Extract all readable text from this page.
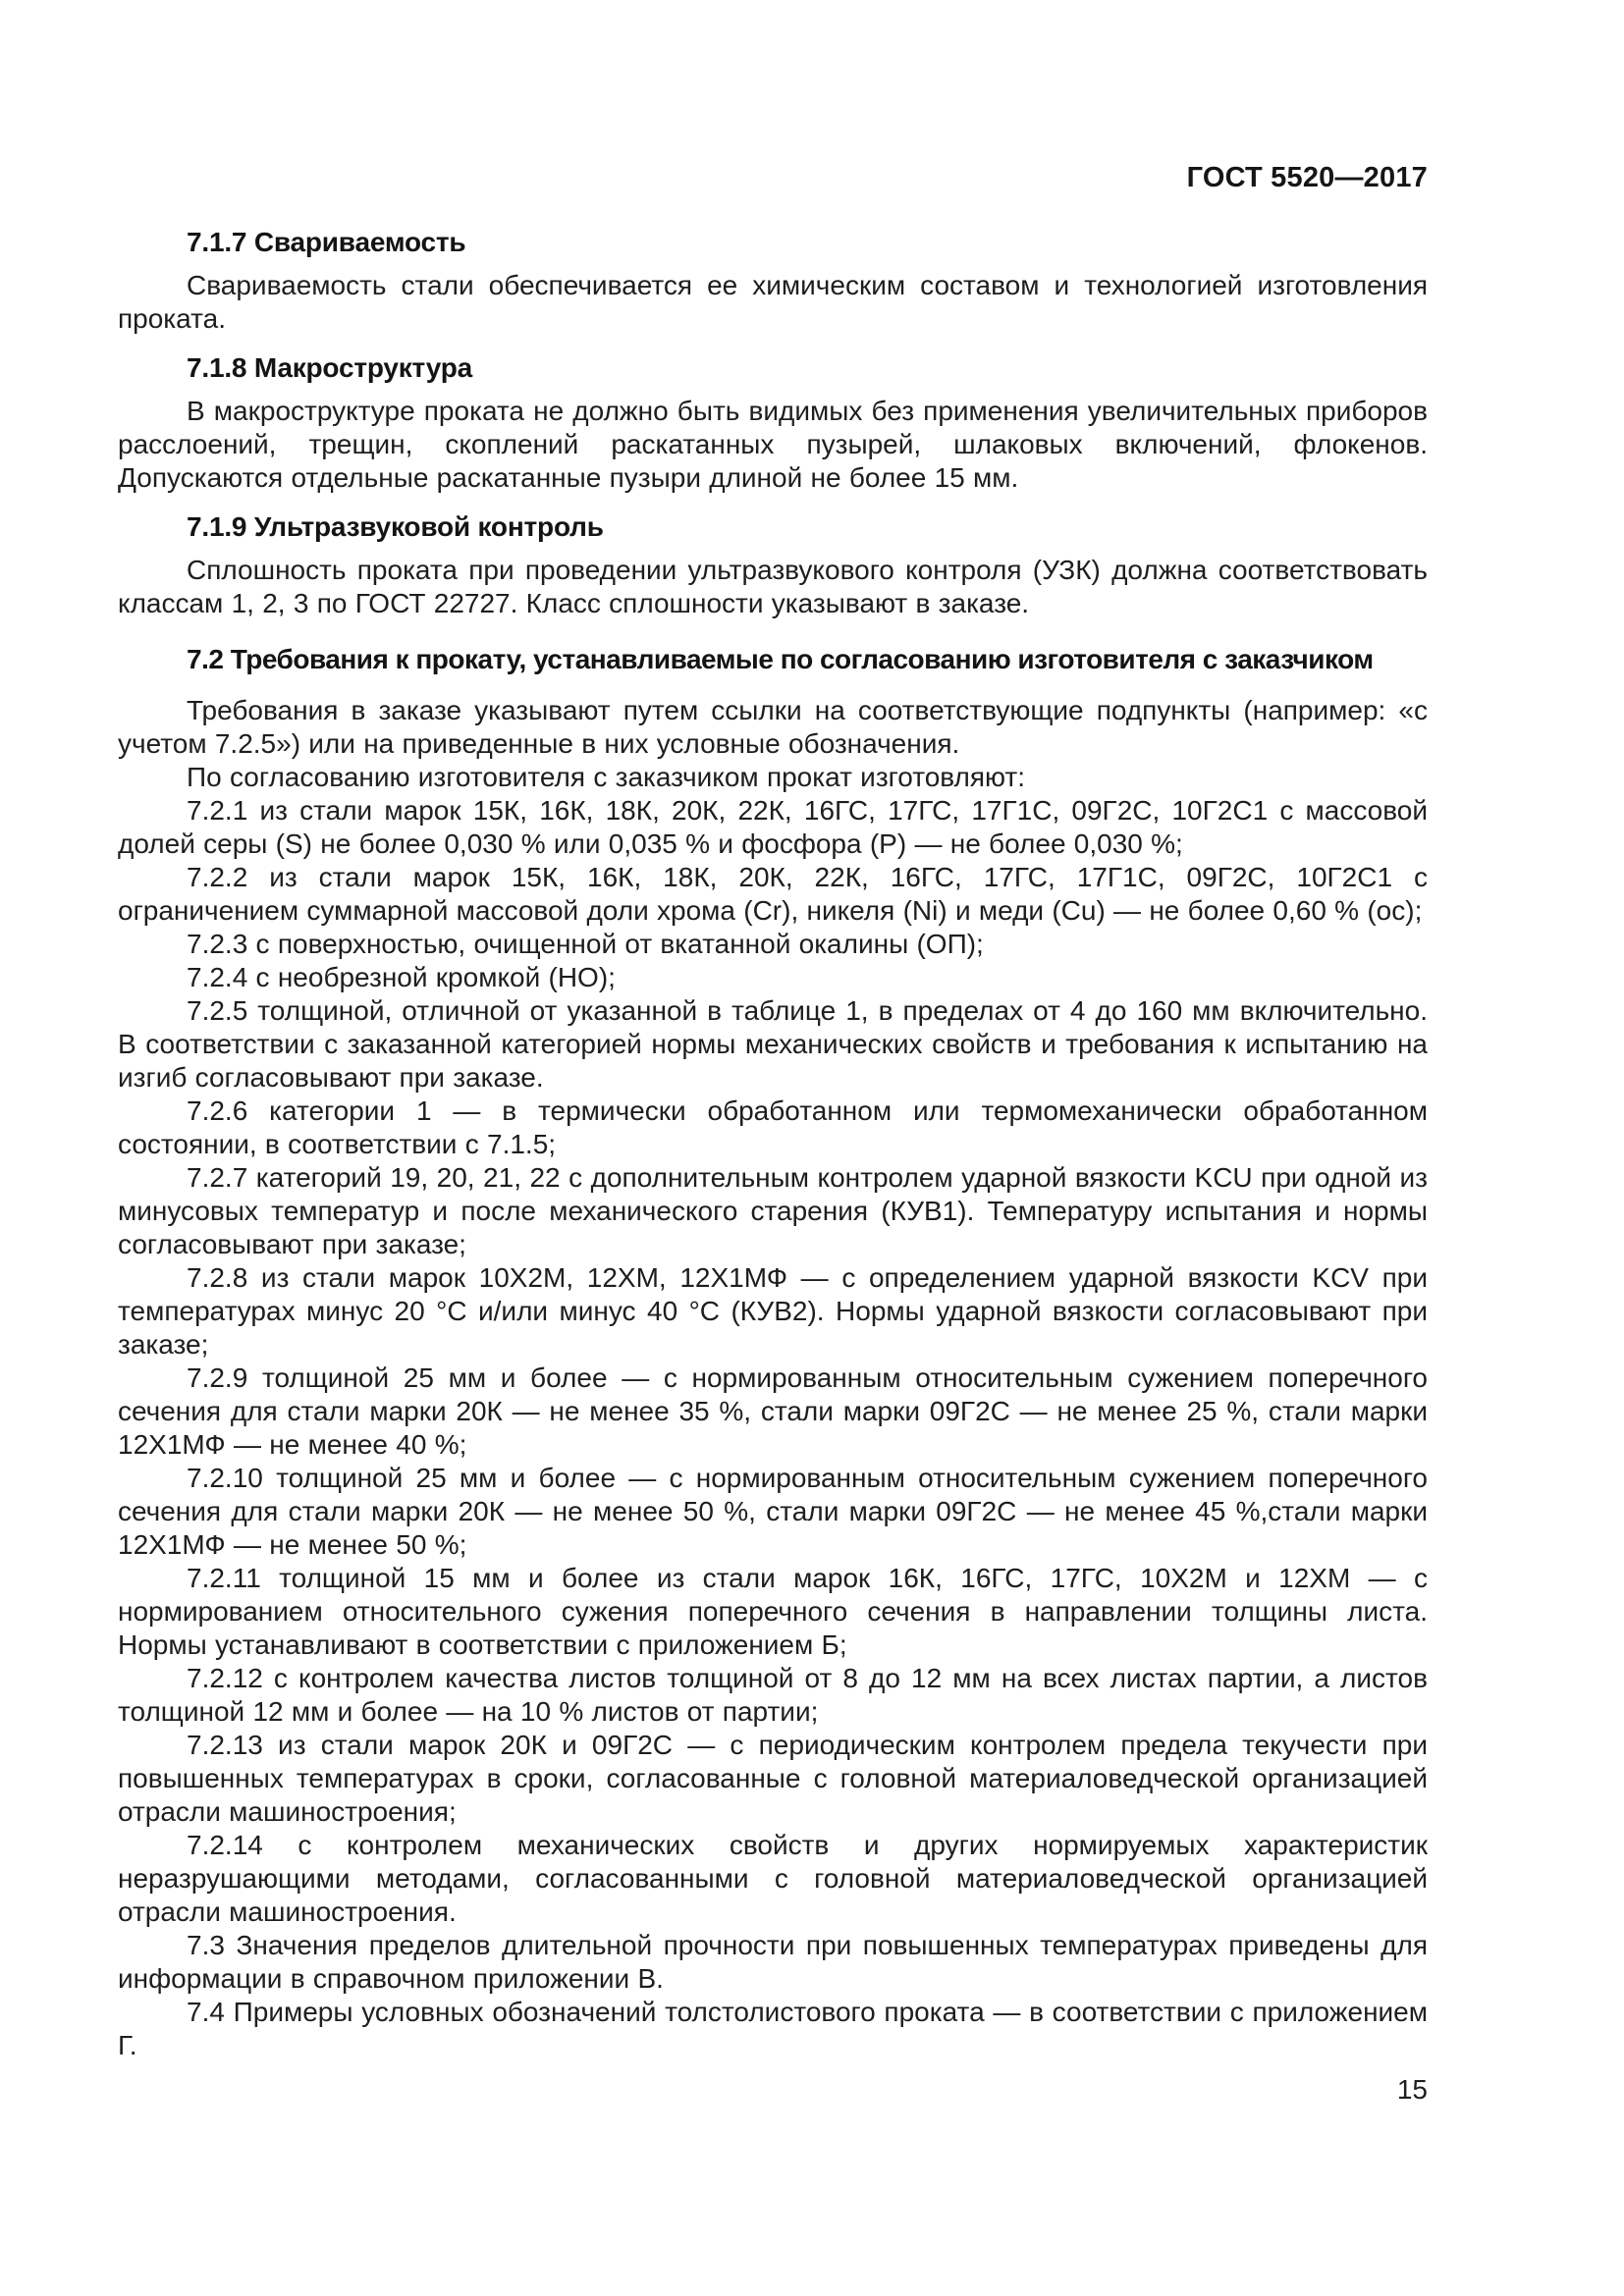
ГОСТ 5520—2017
7.1.7 Свариваемость
Свариваемость стали обеспечивается ее химическим составом и технологией изготовления проката.
7.1.8 Макроструктура
В макроструктуре проката не должно быть видимых без применения увеличительных приборов расслоений, трещин, скоплений раскатанных пузырей, шлаковых включений, флокенов. Допускаются отдельные раскатанные пузыри длиной не более 15 мм.
7.1.9 Ультразвуковой контроль
Сплошность проката при проведении ультразвукового контроля (УЗК) должна соответствовать классам 1, 2, 3 по ГОСТ 22727. Класс сплошности указывают в заказе.
7.2 Требования к прокату, устанавливаемые по согласованию изготовителя с заказчиком
Требования в заказе указывают путем ссылки на соответствующие подпункты (например: «с учетом 7.2.5») или на приведенные в них условные обозначения.
По согласованию изготовителя с заказчиком прокат изготовляют:
7.2.1 из стали марок 15К, 16К, 18К, 20К, 22К, 16ГС, 17ГС, 17Г1С, 09Г2С, 10Г2С1 с массовой долей серы (S) не более 0,030 % или 0,035 % и фосфора (P) — не более 0,030 %;
7.2.2 из стали марок 15К, 16К, 18К, 20К, 22К, 16ГС, 17ГС, 17Г1С, 09Г2С, 10Г2С1 с ограничением суммарной массовой доли хрома (Cr), никеля (Ni) и меди (Cu) — не более 0,60 % (ос);
7.2.3 с поверхностью, очищенной от вкатанной окалины (ОП);
7.2.4 с необрезной кромкой (НО);
7.2.5 толщиной, отличной от указанной в таблице 1, в пределах от 4 до 160 мм включительно. В соответствии с заказанной категорией нормы механических свойств и требования к испытанию на изгиб согласовывают при заказе.
7.2.6 категории 1 — в термически обработанном или термомеханически обработанном состоянии, в соответствии с 7.1.5;
7.2.7 категорий 19, 20, 21, 22 с дополнительным контролем ударной вязкости KCU при одной из минусовых температур и после механического старения (КУВ1). Температуру испытания и нормы согласовывают при заказе;
7.2.8 из стали марок 10Х2М, 12ХМ, 12Х1МФ — с определением ударной вязкости KCV при температурах минус 20 °С и/или минус 40 °С (КУВ2). Нормы ударной вязкости согласовывают при заказе;
7.2.9 толщиной 25 мм и более — с нормированным относительным сужением поперечного сечения для стали марки 20К — не менее 35 %, стали марки 09Г2С — не менее 25 %, стали марки 12Х1МФ — не менее 40 %;
7.2.10 толщиной 25 мм и более — с нормированным относительным сужением поперечного сечения для стали марки 20К — не менее 50 %, стали марки 09Г2С — не менее 45 %,стали марки 12Х1МФ — не менее 50 %;
7.2.11 толщиной 15 мм и более из стали марок 16К, 16ГС, 17ГС, 10Х2М и 12ХМ — с нормированием относительного сужения поперечного сечения в направлении толщины листа. Нормы устанавливают в соответствии с приложением Б;
7.2.12 с контролем качества листов толщиной от 8 до 12 мм на всех листах партии, а листов толщиной 12 мм и более — на 10 % листов от партии;
7.2.13 из стали марок 20К и 09Г2С — с периодическим контролем предела текучести при повышенных температурах в сроки, согласованные с головной материаловедческой организацией отрасли машиностроения;
7.2.14 с контролем механических свойств и других нормируемых характеристик неразрушающими методами, согласованными с головной материаловедческой организацией отрасли машиностроения.
7.3 Значения пределов длительной прочности при повышенных температурах приведены для информации в справочном приложении В.
7.4 Примеры условных обозначений толстолистового проката — в соответствии с приложением Г.
15
